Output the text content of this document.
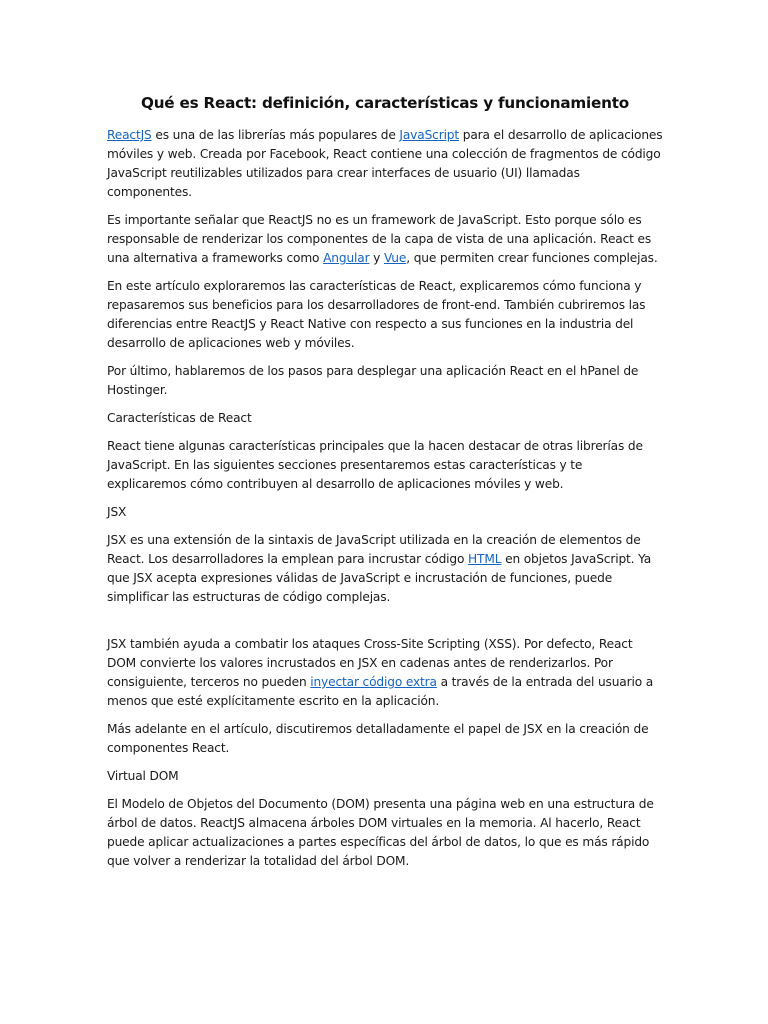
Qué es React: definición, características y funcionamiento

ReactJS es una de las librerías más populares de JavaScript para el desarrollo de aplicaciones móviles y web. Creada por Facebook, React contiene una colección de fragmentos de código JavaScript reutilizables utilizados para crear interfaces de usuario (UI) llamadas componentes.

Es importante señalar que ReactJS no es un framework de JavaScript. Esto porque sólo es responsable de renderizar los componentes de la capa de vista de una aplicación. React es una alternativa a frameworks como Angular y Vue, que permiten crear funciones complejas.

En este artículo exploraremos las características de React, explicaremos cómo funciona y repasaremos sus beneficios para los desarrolladores de front-end. También cubriremos las diferencias entre ReactJS y React Native con respecto a sus funciones en la industria del desarrollo de aplicaciones web y móviles.

Por último, hablaremos de los pasos para desplegar una aplicación React en el hPanel de Hostinger.

Características de React

React tiene algunas características principales que la hacen destacar de otras librerías de JavaScript. En las siguientes secciones presentaremos estas características y te explicaremos cómo contribuyen al desarrollo de aplicaciones móviles y web.

JSX

JSX es una extensión de la sintaxis de JavaScript utilizada en la creación de elementos de React. Los desarrolladores la emplean para incrustar código HTML en objetos JavaScript. Ya que JSX acepta expresiones válidas de JavaScript e incrustación de funciones, puede simplificar las estructuras de código complejas.

JSX también ayuda a combatir los ataques Cross-Site Scripting (XSS). Por defecto, React DOM convierte los valores incrustados en JSX en cadenas antes de renderizarlos. Por consiguiente, terceros no pueden inyectar código extra a través de la entrada del usuario a menos que esté explícitamente escrito en la aplicación.

Más adelante en el artículo, discutiremos detalladamente el papel de JSX en la creación de componentes React.

Virtual DOM

El Modelo de Objetos del Documento (DOM) presenta una página web en una estructura de árbol de datos. ReactJS almacena árboles DOM virtuales en la memoria. Al hacerlo, React puede aplicar actualizaciones a partes específicas del árbol de datos, lo que es más rápido que volver a renderizar la totalidad del árbol DOM.
